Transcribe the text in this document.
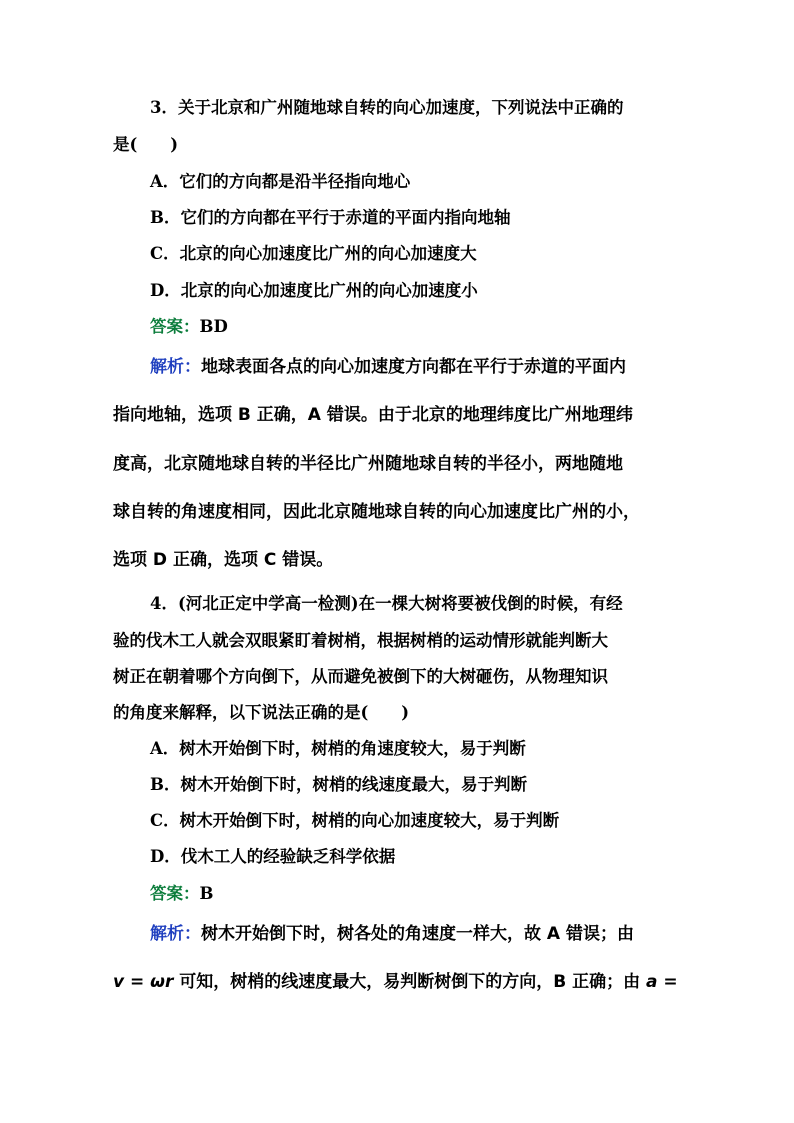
3．关于北京和广州随地球自转的向心加速度，下列说法中正确的
是(　　)
A．它们的方向都是沿半径指向地心
B．它们的方向都在平行于赤道的平面内指向地轴
C．北京的向心加速度比广州的向心加速度大
D．北京的向心加速度比广州的向心加速度小
答案：BD
解析：地球表面各点的向心加速度方向都在平行于赤道的平面内
指向地轴，选项 B 正确，A 错误。由于北京的地理纬度比广州地理纬
度高，北京随地球自转的半径比广州随地球自转的半径小，两地随地
球自转的角速度相同，因此北京随地球自转的向心加速度比广州的小，
选项 D 正确，选项 C 错误。
4．(河北正定中学高一检测)在一棵大树将要被伐倒的时候，有经
验的伐木工人就会双眼紧盯着树梢，根据树梢的运动情形就能判断大
树正在朝着哪个方向倒下，从而避免被倒下的大树砸伤，从物理知识
的角度来解释，以下说法正确的是(　　)
A．树木开始倒下时，树梢的角速度较大，易于判断
B．树木开始倒下时，树梢的线速度最大，易于判断
C．树木开始倒下时，树梢的向心加速度较大，易于判断
D．伐木工人的经验缺乏科学依据
答案：B
解析：树木开始倒下时，树各处的角速度一样大，故 A 错误；由
v = ωr 可知，树梢的线速度最大，易判断树倒下的方向，B 正确；由 a =
